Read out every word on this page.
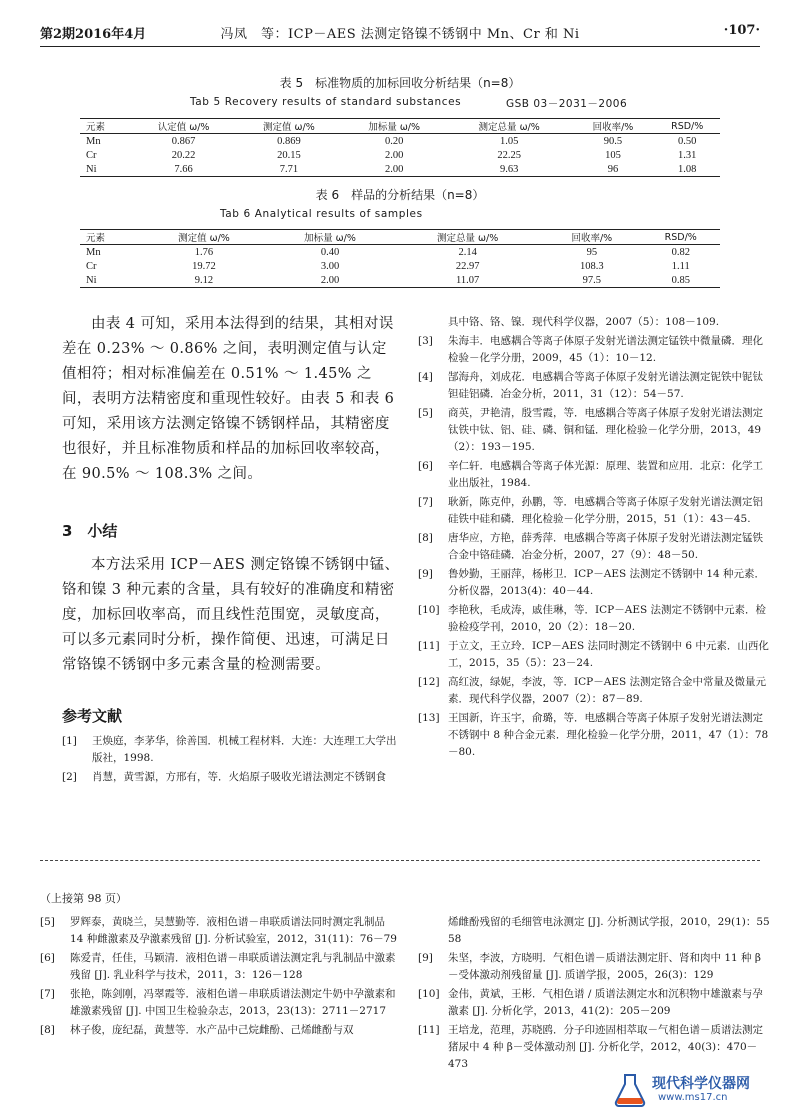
冯凤　等：ICP－AES 法测定铬镍不锈钢中 Mn、Cr 和 Ni
第2期2016年4月	·107·
表 5　标准物质的加标回收分析结果（n=8）
Tab 5 Recovery results of standard substances	GSB 03－2031－2006
元素	认定值 ω/%	测定值 ω/%	加标量 ω/%	测定总量 ω/%	回收率/%	RSD/%
Mn	0.867	0.869	0.20	1.05	90.5	0.50
Cr	20.22	20.15	2.00	22.25	105	1.31
Ni	7.66	7.71	2.00	9.63	96	1.08
表 6　样品的分析结果（n=8）
Tab 6 Analytical results of samples
元素	测定值 ω/%	加标量 ω/%	测定总量 ω/%	回收率/%	RSD/%
Mn	1.76	0.40	2.14	95	0.82
Cr	19.72	3.00	22.97	108.3	1.11
Ni	9.12	2.00	11.07	97.5	0.85

由表 4 可知，采用本法得到的结果，其相对误差在 0.23% ～ 0.86% 之间，表明测定值与认定值相符；相对标准偏差在 0.51% ～ 1.45% 之间，表明方法精密度和重现性较好。由表 5 和表 6 可知，采用该方法测定铬镍不锈钢样品，其精密度也很好，并且标准物质和样品的加标回收率较高，在 90.5% ～ 108.3% 之间。

3　小结

本方法采用 ICP－AES 测定铬镍不锈钢中锰、铬和镍 3 种元素的含量，具有较好的准确度和精密度，加标回收率高，而且线性范围宽，灵敏度高，可以多元素同时分析，操作简便、迅速，可满足日常铬镍不锈钢中多元素含量的检测需要。

参考文献
[1] 王焕庭，李茅华，徐善国．机械工程材料．大连：大连理工大学出版社，1998.
[2] 肖慧，黄雪源，方邢有，等．火焰原子吸收光谱法测定不锈钢食
具中铬、铬、镍．现代科学仪器，2007（5）：108－109.
[3] 朱海丰．电感耦合等离子体原子发射光谱法测定锰铁中微量磷．理化检验－化学分册，2009，45（1）：10－12.
[4] 郜海舟，刘成花．电感耦合等离子体原子发射光谱法测定铌铁中铌钛钽硅铝磷．冶金分析，2011，31（12）：54－57.
[5] 商英，尹艳清，殷雪霞，等．电感耦合等离子体原子发射光谱法测定钛铁中钛、铝、硅、磷、铜和锰．理化检验－化学分册，2013，49（2）：193－195.
[6] 辛仁轩．电感耦合等离子体光源：原理、装置和应用．北京：化学工业出版社，1984.
[7] 耿新，陈克仲，孙鹏，等．电感耦合等离子体原子发射光谱法测定铝硅铁中硅和磷．理化检验－化学分册，2015，51（1）：43－45.
[8] 唐华应，方艳，薛秀萍．电感耦合等离子体原子发射光谱法测定锰铁合金中铬硅磷．冶金分析，2007，27（9）：48－50.
[9] 鲁妙勤，王丽萍，杨彬卫．ICP－AES 法测定不锈钢中 14 种元素．分析仪器，2013(4)：40－44.
[10] 李艳秋，毛成涛，戚佳琳，等．ICP－AES 法测定不锈钢中元素．检验检疫学刊，2010，20（2）：18－20.
[11] 于立文，王立玲．ICP－AES 法同时测定不锈钢中 6 中元素．山西化工，2015，35（5）：23－24.
[12] 高红波，绿妮，李波，等．ICP－AES 法测定铬合金中常量及微量元素．现代科学仪器，2007（2）：87－89.
[13] 王国新，许玉宇，俞璐，等．电感耦合等离子体原子发射光谱法测定不锈钢中 8 种合金元素．理化检验－化学分册，2011，47（1）：78－80.
（上接第 98 页）
[5] 罗辉泰，黄晓兰，吴慧勤等．液相色谱－串联质谱法同时测定乳制品 14 种雌激素及孕激素残留 [J]. 分析试验室，2012，31(11)：76－79
[6] 陈爱青，任佳，马颖清．液相色谱－串联质谱法测定乳与乳制品中激素残留 [J]. 乳业科学与技术，2011，3：126－128
[7] 张艳，陈剑刚，冯翠霞等．液相色谱－串联质谱法测定牛奶中孕激素和雄激素残留 [J]. 中国卫生检验杂志，2013，23(13)：2711－2717
[8] 林子俊，庞纪磊，黄慧等．水产品中己烷雌酚、己烯雌酚与双
烯雌酚残留的毛细管电泳测定 [J]. 分析测试学报，2010，29(1)：55　58
[9] 朱坚，李波，方晓明．气相色谱－质谱法测定肝、肾和肉中 11 种 β－受体激动剂残留量 [J]. 质谱学报，2005，26(3)：129
[10] 金伟，黄斌，王彬．气相色谱 / 质谱法测定水和沉积物中雄激素与孕激素 [J]. 分析化学，2013，41(2)：205－209
[11] 王培龙，范理，苏晓鸥．分子印迹固相萃取－气相色谱－质谱法测定猪尿中 4 种 β－受体激动剂 [J]. 分析化学，2012，40(3)：470－473
现代科学仪器网
www.ms17.cn
